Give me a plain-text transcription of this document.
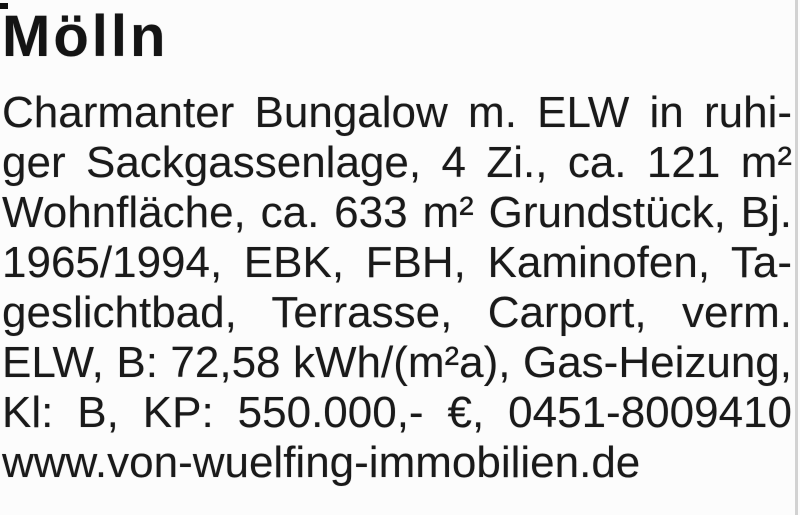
Mölln
Charmanter Bungalow m. ELW in ruhi-
ger Sackgassenlage, 4 Zi., ca. 121 m²
Wohnfläche, ca. 633 m² Grundstück, Bj.
1965/1994, EBK, FBH, Kaminofen, Ta-
geslichtbad, Terrasse, Carport, verm.
ELW, B: 72,58 kWh/(m²a), Gas-Heizung,
Kl: B, KP: 550.000,- €, 0451-8009410
www.von-wuelfing-immobilien.de
